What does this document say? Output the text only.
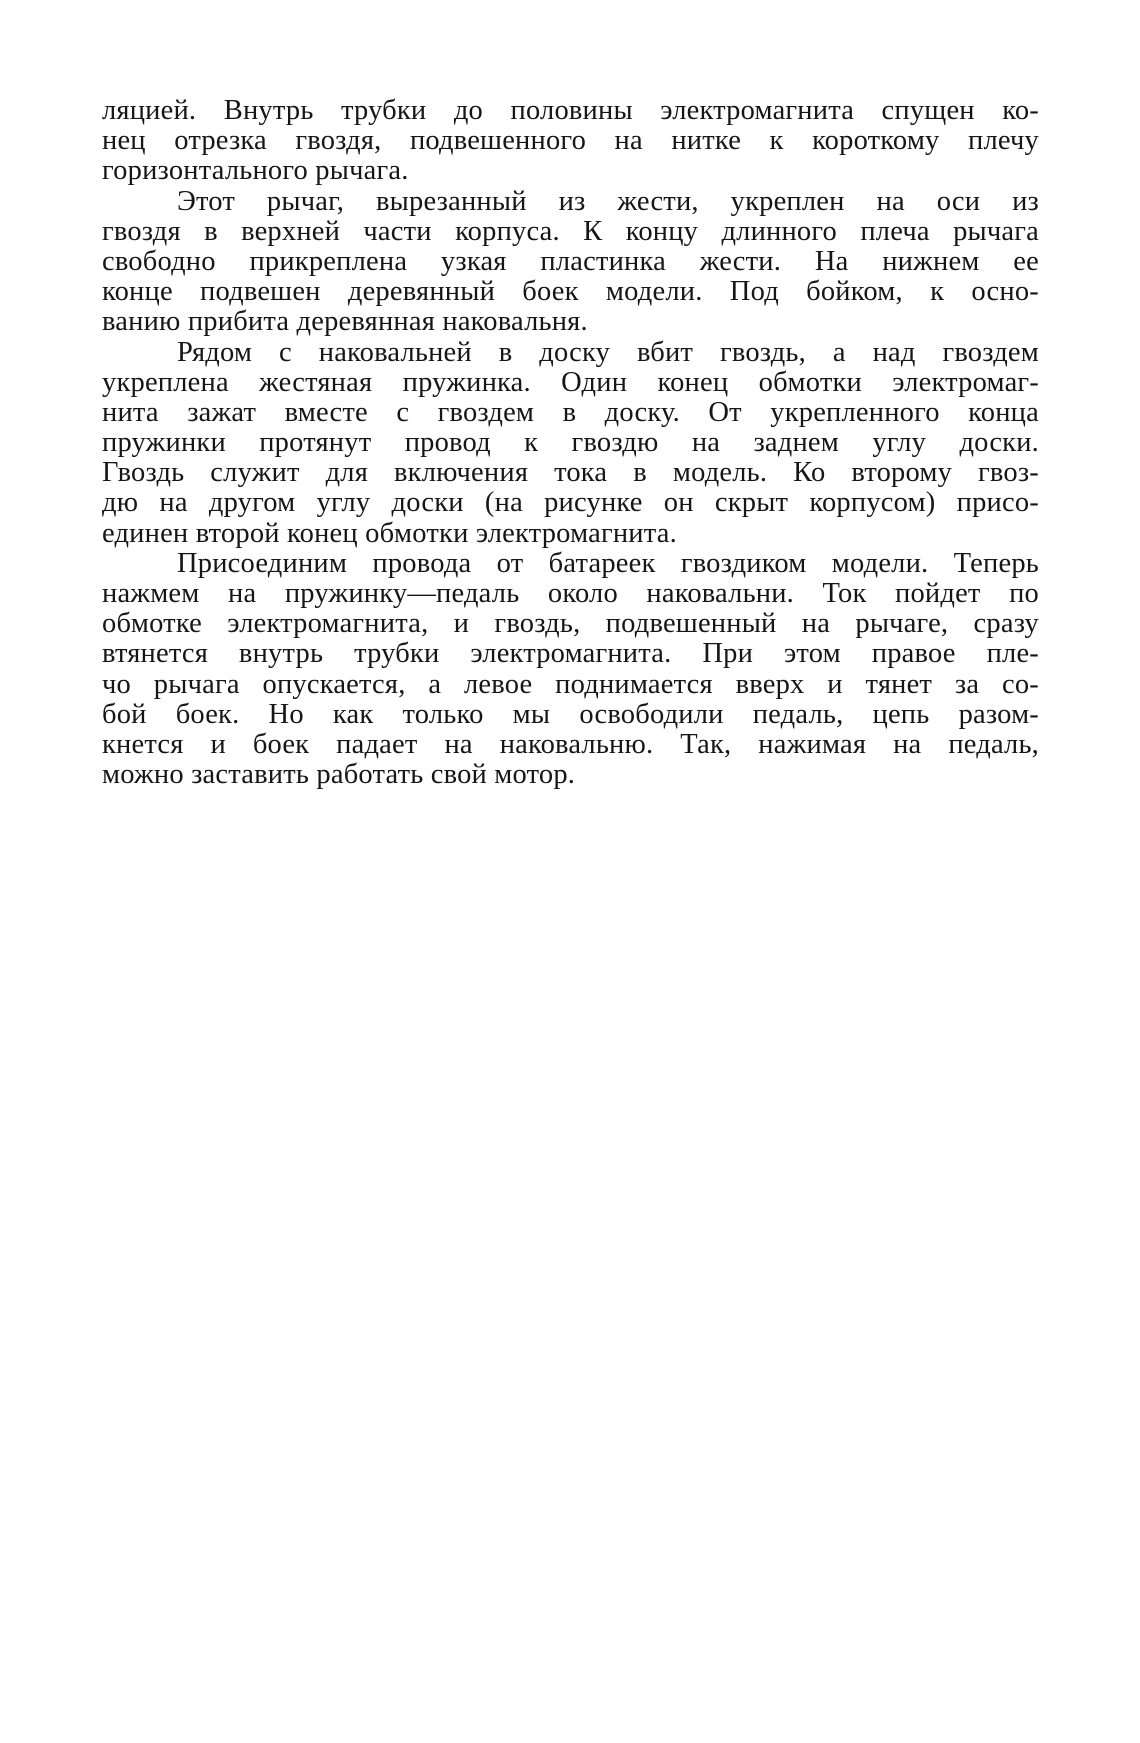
ляцией. Внутрь трубки до половины электромагнита спущен ко-
нец отрезка гвоздя, подвешенного на нитке к короткому плечу
горизонтального рычага.
Этот рычаг, вырезанный из жести, укреплен на оси из
гвоздя в верхней части корпуса. К концу длинного плеча рычага
свободно прикреплена узкая пластинка жести. На нижнем ее
конце подвешен деревянный боек модели. Под бойком, к осно-
ванию прибита деревянная наковальня.
Рядом с наковальней в доску вбит гвоздь, а над гвоздем
укреплена жестяная пружинка. Один конец обмотки электромаг-
нита зажат вместе с гвоздем в доску. От укрепленного конца
пружинки протянут провод к гвоздю на заднем углу доски.
Гвоздь служит для включения тока в модель. Ко второму гвоз-
дю на другом углу доски (на рисунке он скрыт корпусом) присо-
единен второй конец обмотки электромагнита.
Присоединим провода от батареек гвоздиком модели. Теперь
нажмем на пружинку—педаль около наковальни. Ток пойдет по
обмотке электромагнита, и гвоздь, подвешенный на рычаге, сразу
втянется внутрь трубки электромагнита. При этом правое пле-
чо рычага опускается, а левое поднимается вверх и тянет за со-
бой боек. Но как только мы освободили педаль, цепь разом-
кнется и боек падает на наковальню. Так, нажимая на педаль,
можно заставить работать свой мотор.
